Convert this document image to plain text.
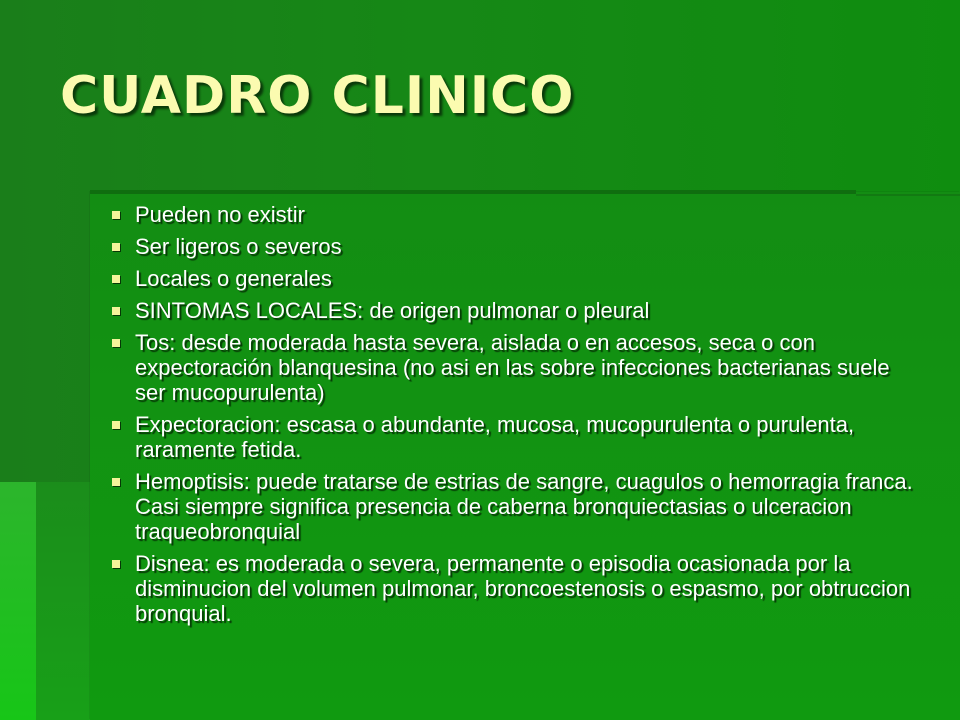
CUADRO CLINICO
Pueden no existir
Ser ligeros o severos
Locales o generales
SINTOMAS LOCALES: de origen pulmonar o pleural
Tos: desde moderada hasta severa, aislada o en accesos, seca o con expectoración blanquesina (no asi en las sobre infecciones bacterianas suele ser mucopurulenta)
Expectoracion: escasa o abundante, mucosa, mucopurulenta o purulenta, raramente fetida.
Hemoptisis: puede tratarse de estrias de sangre, cuagulos o hemorragia franca. Casi siempre significa presencia de caberna bronquiectasias o ulceracion traqueobronquial
Disnea: es moderada o severa, permanente o episodia ocasionada por la disminucion del volumen pulmonar, broncoestenosis o espasmo, por obtruccion bronquial.
